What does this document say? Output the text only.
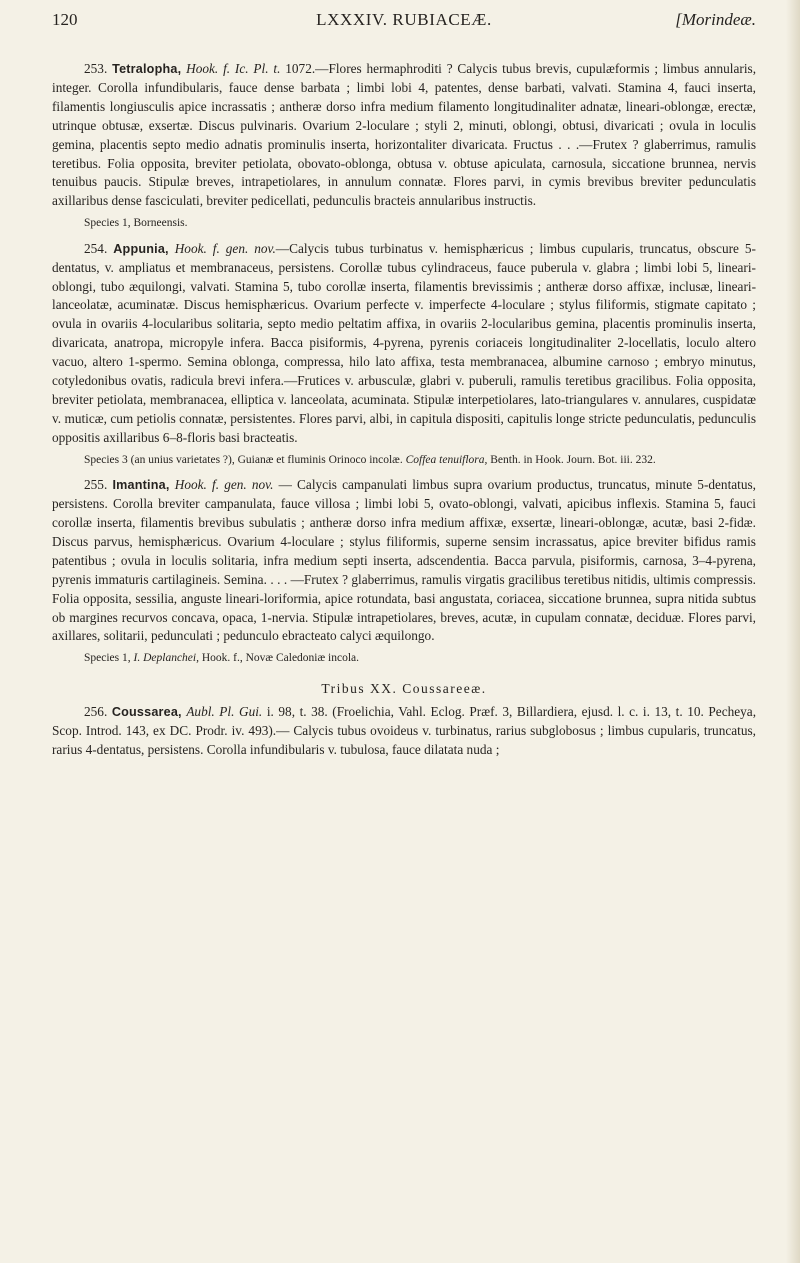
120	LXXXIV. RUBIACEÆ.	[Morindeæ.

253. Tetralopha, Hook. f. Ic. Pl. t. 1072.—Flores hermaphroditi ? Calycis tubus brevis, cupulæformis ; limbus annularis, integer. Corolla infundibularis, fauce dense barbata ; limbi lobi 4, patentes, dense barbati, valvati. Stamina 4, fauci inserta, filamentis longiusculis apice incrassatis ; antheræ dorso infra medium filamento longitudinaliter adnatæ, lineari-oblongæ, erectæ, utrinque obtusæ, exsertæ. Discus pulvinaris. Ovarium 2-loculare ; styli 2, minuti, oblongi, obtusi, divaricati ; ovula in loculis gemina, placentis septo medio adnatis prominulis inserta, horizontaliter divaricata. Fructus . . .—Frutex ? glaberrimus, ramulis teretibus. Folia opposita, breviter petiolata, obovato-oblonga, obtusa v. obtuse apiculata, carnosula, siccatione brunnea, nervis tenuibus paucis. Stipulæ breves, intrapetiolares, in annulum connatæ. Flores parvi, in cymis brevibus breviter pedunculatis axillaribus dense fasciculati, breviter pedicellati, pedunculis bracteis annularibus instructis.

Species 1, Borneensis.

254. Appunia, Hook. f. gen. nov.—Calycis tubus turbinatus v. hemisphæricus ; limbus cupularis, truncatus, obscure 5-dentatus, v. ampliatus et membranaceus, persistens. Corollæ tubus cylindraceus, fauce puberula v. glabra ; limbi lobi 5, lineari-oblongi, tubo æquilongi, valvati. Stamina 5, tubo corollæ inserta, filamentis brevissimis ; antheræ dorso affixæ, inclusæ, lineari-lanceolatæ, acuminatæ. Discus hemisphæricus. Ovarium perfecte v. imperfecte 4-loculare ; stylus filiformis, stigmate capitato ; ovula in ovariis 4-locularibus solitaria, septo medio peltatim affixa, in ovariis 2-locularibus gemina, placentis prominulis inserta, divaricata, anatropa, micropyle infera. Bacca pisiformis, 4-pyrena, pyrenis coriaceis longitudinaliter 2-locellatis, loculo altero vacuo, altero 1-spermo. Semina oblonga, compressa, hilo lato affixa, testa membranacea, albumine carnoso ; embryo minutus, cotyledonibus ovatis, radicula brevi infera.—Frutices v. arbusculæ, glabri v. puberuli, ramulis teretibus gracilibus. Folia opposita, breviter petiolata, membranacea, elliptica v. lanceolata, acuminata. Stipulæ interpetiolares, lato-triangulares v. annulares, cuspidatæ v. muticæ, cum petiolis connatæ, persistentes. Flores parvi, albi, in capitula dispositi, capitulis longe stricte pedunculatis, pedunculis oppositis axillaribus 6–8-floris basi bracteatis.

Species 3 (an unius varietates ?), Guianæ et fluminis Orinoco incolæ. Coffea tenuiflora, Benth. in Hook. Journ. Bot. iii. 232.

255. Imantina, Hook. f. gen. nov. — Calycis campanulati limbus supra ovarium productus, truncatus, minute 5-dentatus, persistens. Corolla breviter campanulata, fauce villosa ; limbi lobi 5, ovato-oblongi, valvati, apicibus inflexis. Stamina 5, fauci corollæ inserta, filamentis brevibus subulatis ; antheræ dorso infra medium affixæ, exsertæ, lineari-oblongæ, acutæ, basi 2-fidæ. Discus parvus, hemisphæricus. Ovarium 4-loculare ; stylus filiformis, superne sensim incrassatus, apice breviter bifidus ramis patentibus ; ovula in loculis solitaria, infra medium septi inserta, adscendentia. Bacca parvula, pisiformis, carnosa, 3–4-pyrena, pyrenis immaturis cartilagineis. Semina. . . . —Frutex ? glaberrimus, ramulis virgatis gracilibus teretibus nitidis, ultimis compressis. Folia opposita, sessilia, anguste lineari-loriformia, apice rotundata, basi angustata, coriacea, siccatione brunnea, supra nitida subtus ob margines recurvos concava, opaca, 1-nervia. Stipulæ intrapetiolares, breves, acutæ, in cupulam connatæ, deciduæ. Flores parvi, axillares, solitarii, pedunculati ; pedunculo ebracteato calyci æquilongo.

Species 1, I. Deplanchei, Hook. f., Novæ Caledoniæ incola.

Tribus XX. Coussareeæ.

256. Coussarea, Aubl. Pl. Gui. i. 98, t. 38. (Froelichia, Vahl. Eclog. Præf. 3, Billardiera, ejusd. l. c. i. 13, t. 10. Pecheya, Scop. Introd. 143, ex DC. Prodr. iv. 493).— Calycis tubus ovoideus v. turbinatus, rarius subglobosus ; limbus cupularis, truncatus, rarius 4-dentatus, persistens. Corolla infundibularis v. tubulosa, fauce dilatata nuda ;
